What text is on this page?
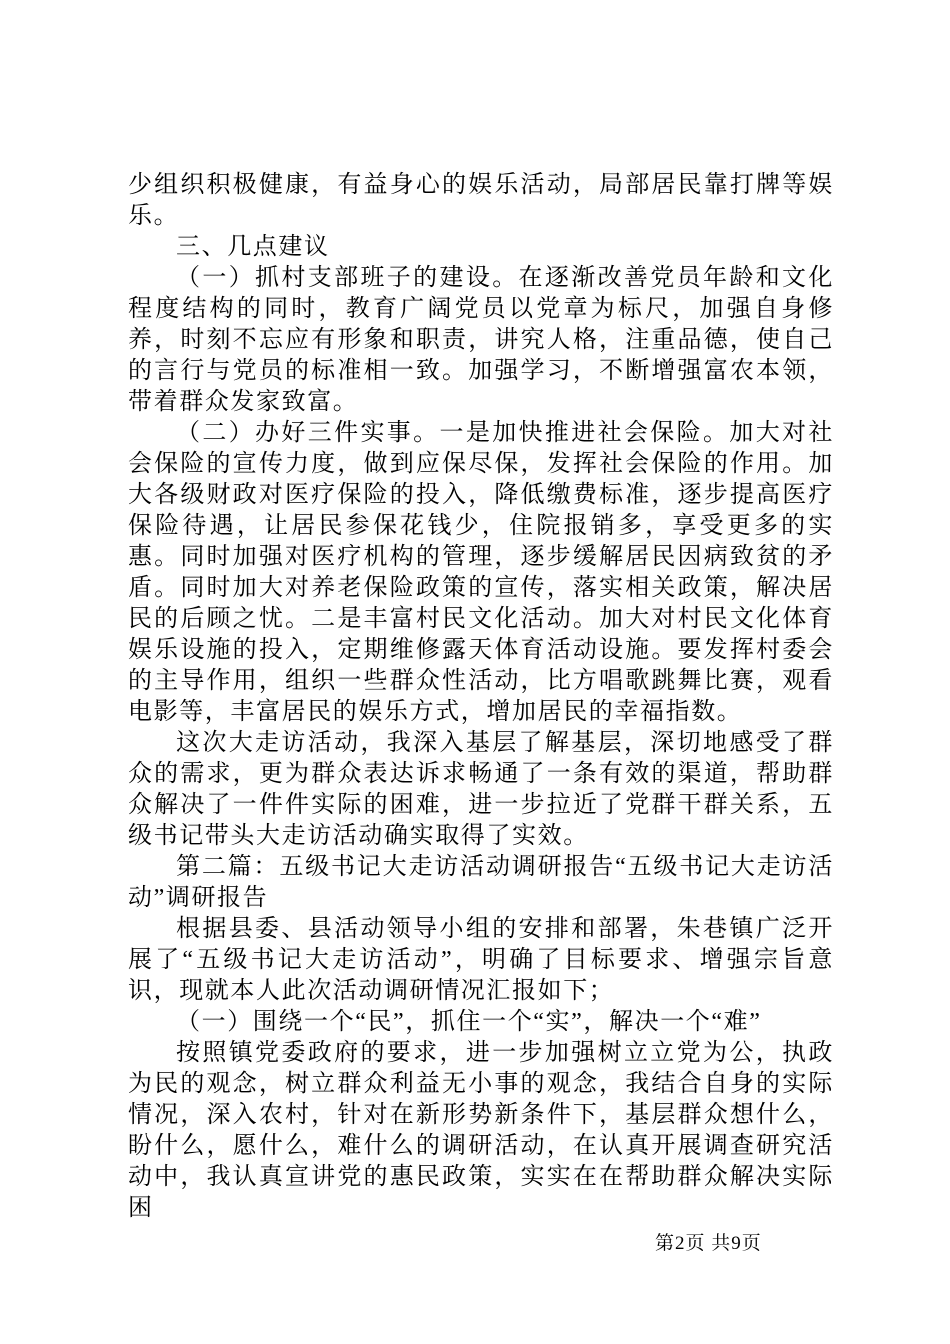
少组织积极健康，有益身心的娱乐活动，局部居民靠打牌等娱乐。

三、几点建议

（一）抓村支部班子的建设。在逐渐改善党员年龄和文化程度结构的同时，教育广阔党员以党章为标尺，加强自身修养，时刻不忘应有形象和职责，讲究人格，注重品德，使自己的言行与党员的标准相一致。加强学习，不断增强富农本领，带着群众发家致富。

（二）办好三件实事。一是加快推进社会保险。加大对社会保险的宣传力度，做到应保尽保，发挥社会保险的作用。加大各级财政对医疗保险的投入，降低缴费标准，逐步提高医疗保险待遇，让居民参保花钱少，住院报销多，享受更多的实惠。同时加强对医疗机构的管理，逐步缓解居民因病致贫的矛盾。同时加大对养老保险政策的宣传，落实相关政策，解决居民的后顾之忧。二是丰富村民文化活动。加大对村民文化体育娱乐设施的投入，定期维修露天体育活动设施。要发挥村委会的主导作用，组织一些群众性活动，比方唱歌跳舞比赛，观看电影等，丰富居民的娱乐方式，增加居民的幸福指数。

这次大走访活动，我深入基层了解基层，深切地感受了群众的需求，更为群众表达诉求畅通了一条有效的渠道，帮助群众解决了一件件实际的困难，进一步拉近了党群干群关系，五级书记带头大走访活动确实取得了实效。

第二篇：五级书记大走访活动调研报告“五级书记大走访活动”调研报告

根据县委、县活动领导小组的安排和部署，朱巷镇广泛开展了“五级书记大走访活动”，明确了目标要求、增强宗旨意识，现就本人此次活动调研情况汇报如下；

（一）围绕一个“民”，抓住一个“实”，解决一个“难”

按照镇党委政府的要求，进一步加强树立立党为公，执政为民的观念，树立群众利益无小事的观念，我结合自身的实际情况，深入农村，针对在新形势新条件下，基层群众想什么，盼什么，愿什么，难什么的调研活动，在认真开展调查研究活动中，我认真宣讲党的惠民政策，实实在在帮助群众解决实际困

第2页 共9页
